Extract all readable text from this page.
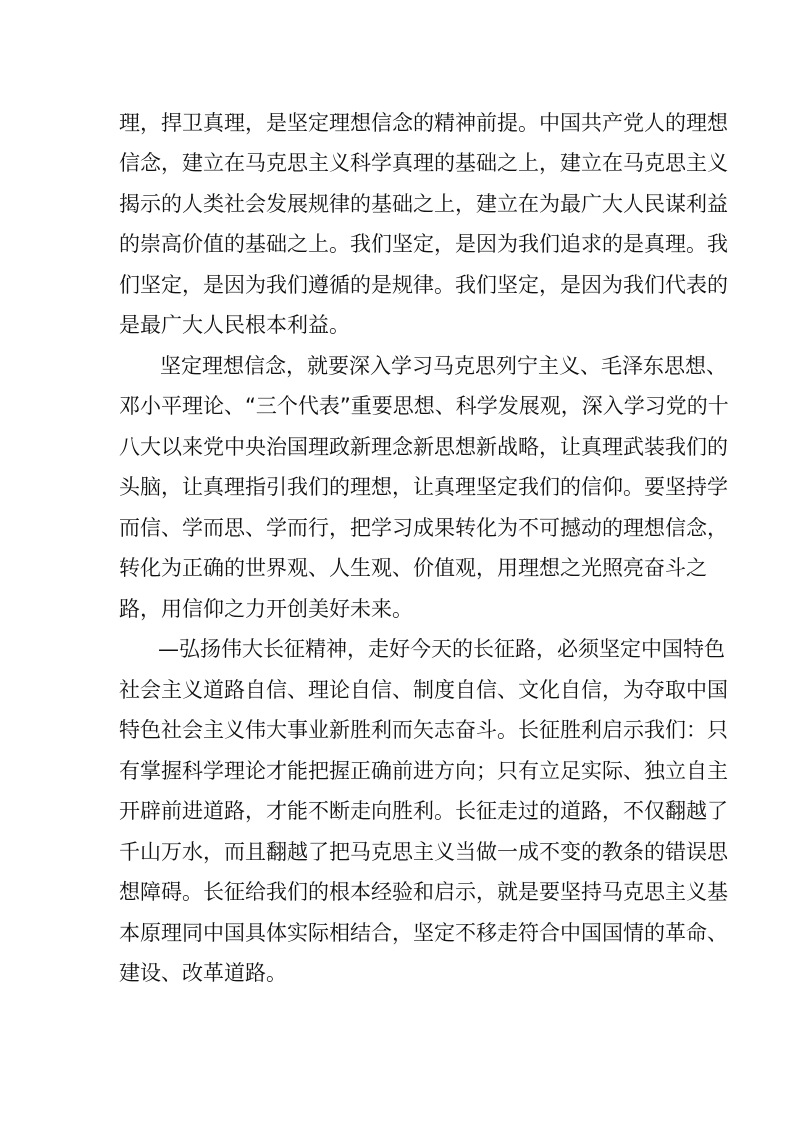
理，捍卫真理，是坚定理想信念的精神前提。中国共产党人的理想
信念，建立在马克思主义科学真理的基础之上，建立在马克思主义
揭示的人类社会发展规律的基础之上，建立在为最广大人民谋利益
的崇高价值的基础之上。我们坚定，是因为我们追求的是真理。我
们坚定，是因为我们遵循的是规律。我们坚定，是因为我们代表的
是最广大人民根本利益。
坚定理想信念，就要深入学习马克思列宁主义、毛泽东思想、
邓小平理论、“三个代表”重要思想、科学发展观，深入学习党的十
八大以来党中央治国理政新理念新思想新战略，让真理武装我们的
头脑，让真理指引我们的理想，让真理坚定我们的信仰。要坚持学
而信、学而思、学而行，把学习成果转化为不可撼动的理想信念，
转化为正确的世界观、人生观、价值观，用理想之光照亮奋斗之
路，用信仰之力开创美好未来。
—弘扬伟大长征精神，走好今天的长征路，必须坚定中国特色
社会主义道路自信、理论自信、制度自信、文化自信，为夺取中国
特色社会主义伟大事业新胜利而矢志奋斗。长征胜利启示我们：只
有掌握科学理论才能把握正确前进方向；只有立足实际、独立自主
开辟前进道路，才能不断走向胜利。长征走过的道路，不仅翻越了
千山万水，而且翻越了把马克思主义当做一成不变的教条的错误思
想障碍。长征给我们的根本经验和启示，就是要坚持马克思主义基
本原理同中国具体实际相结合，坚定不移走符合中国国情的革命、
建设、改革道路。
